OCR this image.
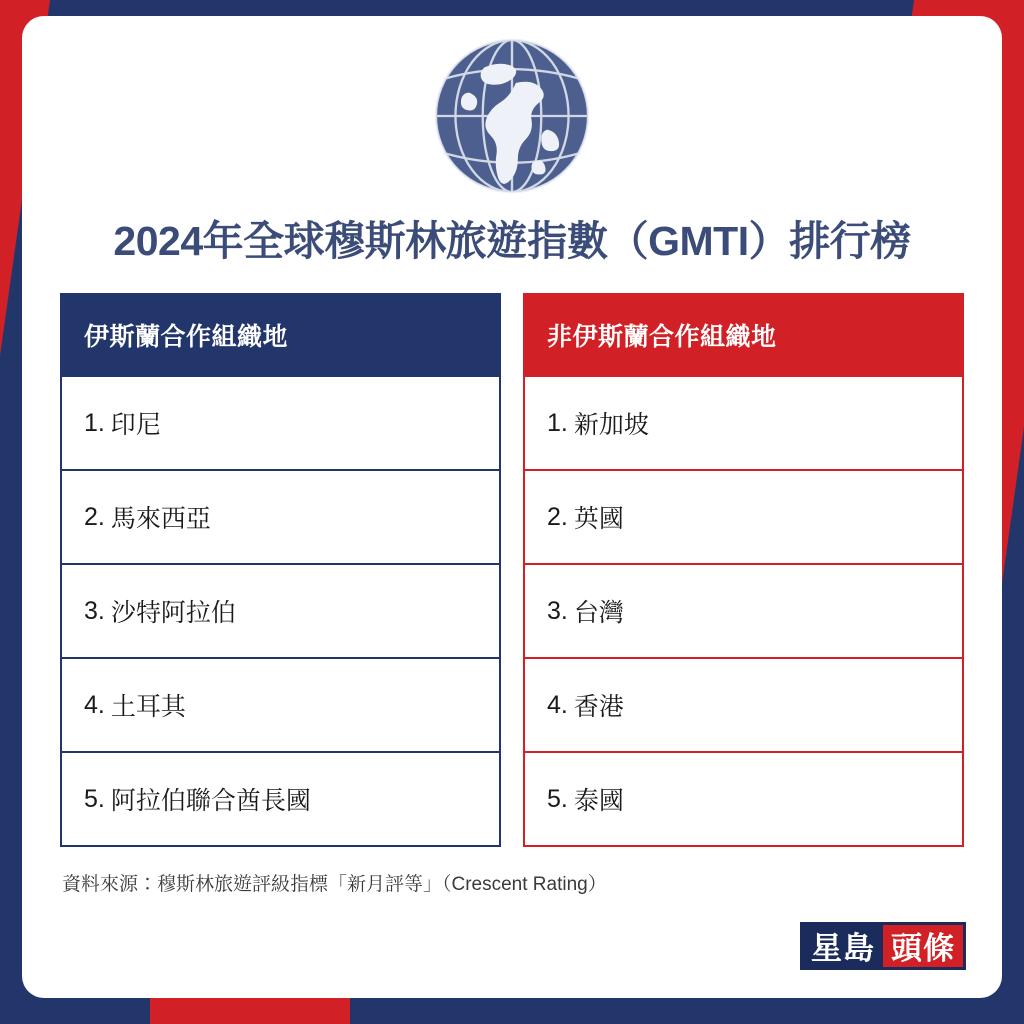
2024年全球穆斯林旅遊指數（GMTI）排行榜
伊斯蘭合作組織地
1. 印尼
2. 馬來西亞
3. 沙特阿拉伯
4. 土耳其
5. 阿拉伯聯合酋長國
非伊斯蘭合作組織地
1. 新加坡
2. 英國
3. 台灣
4. 香港
5. 泰國
資料來源：穆斯林旅遊評級指標「新月評等」（Crescent Rating）
星島 頭條
